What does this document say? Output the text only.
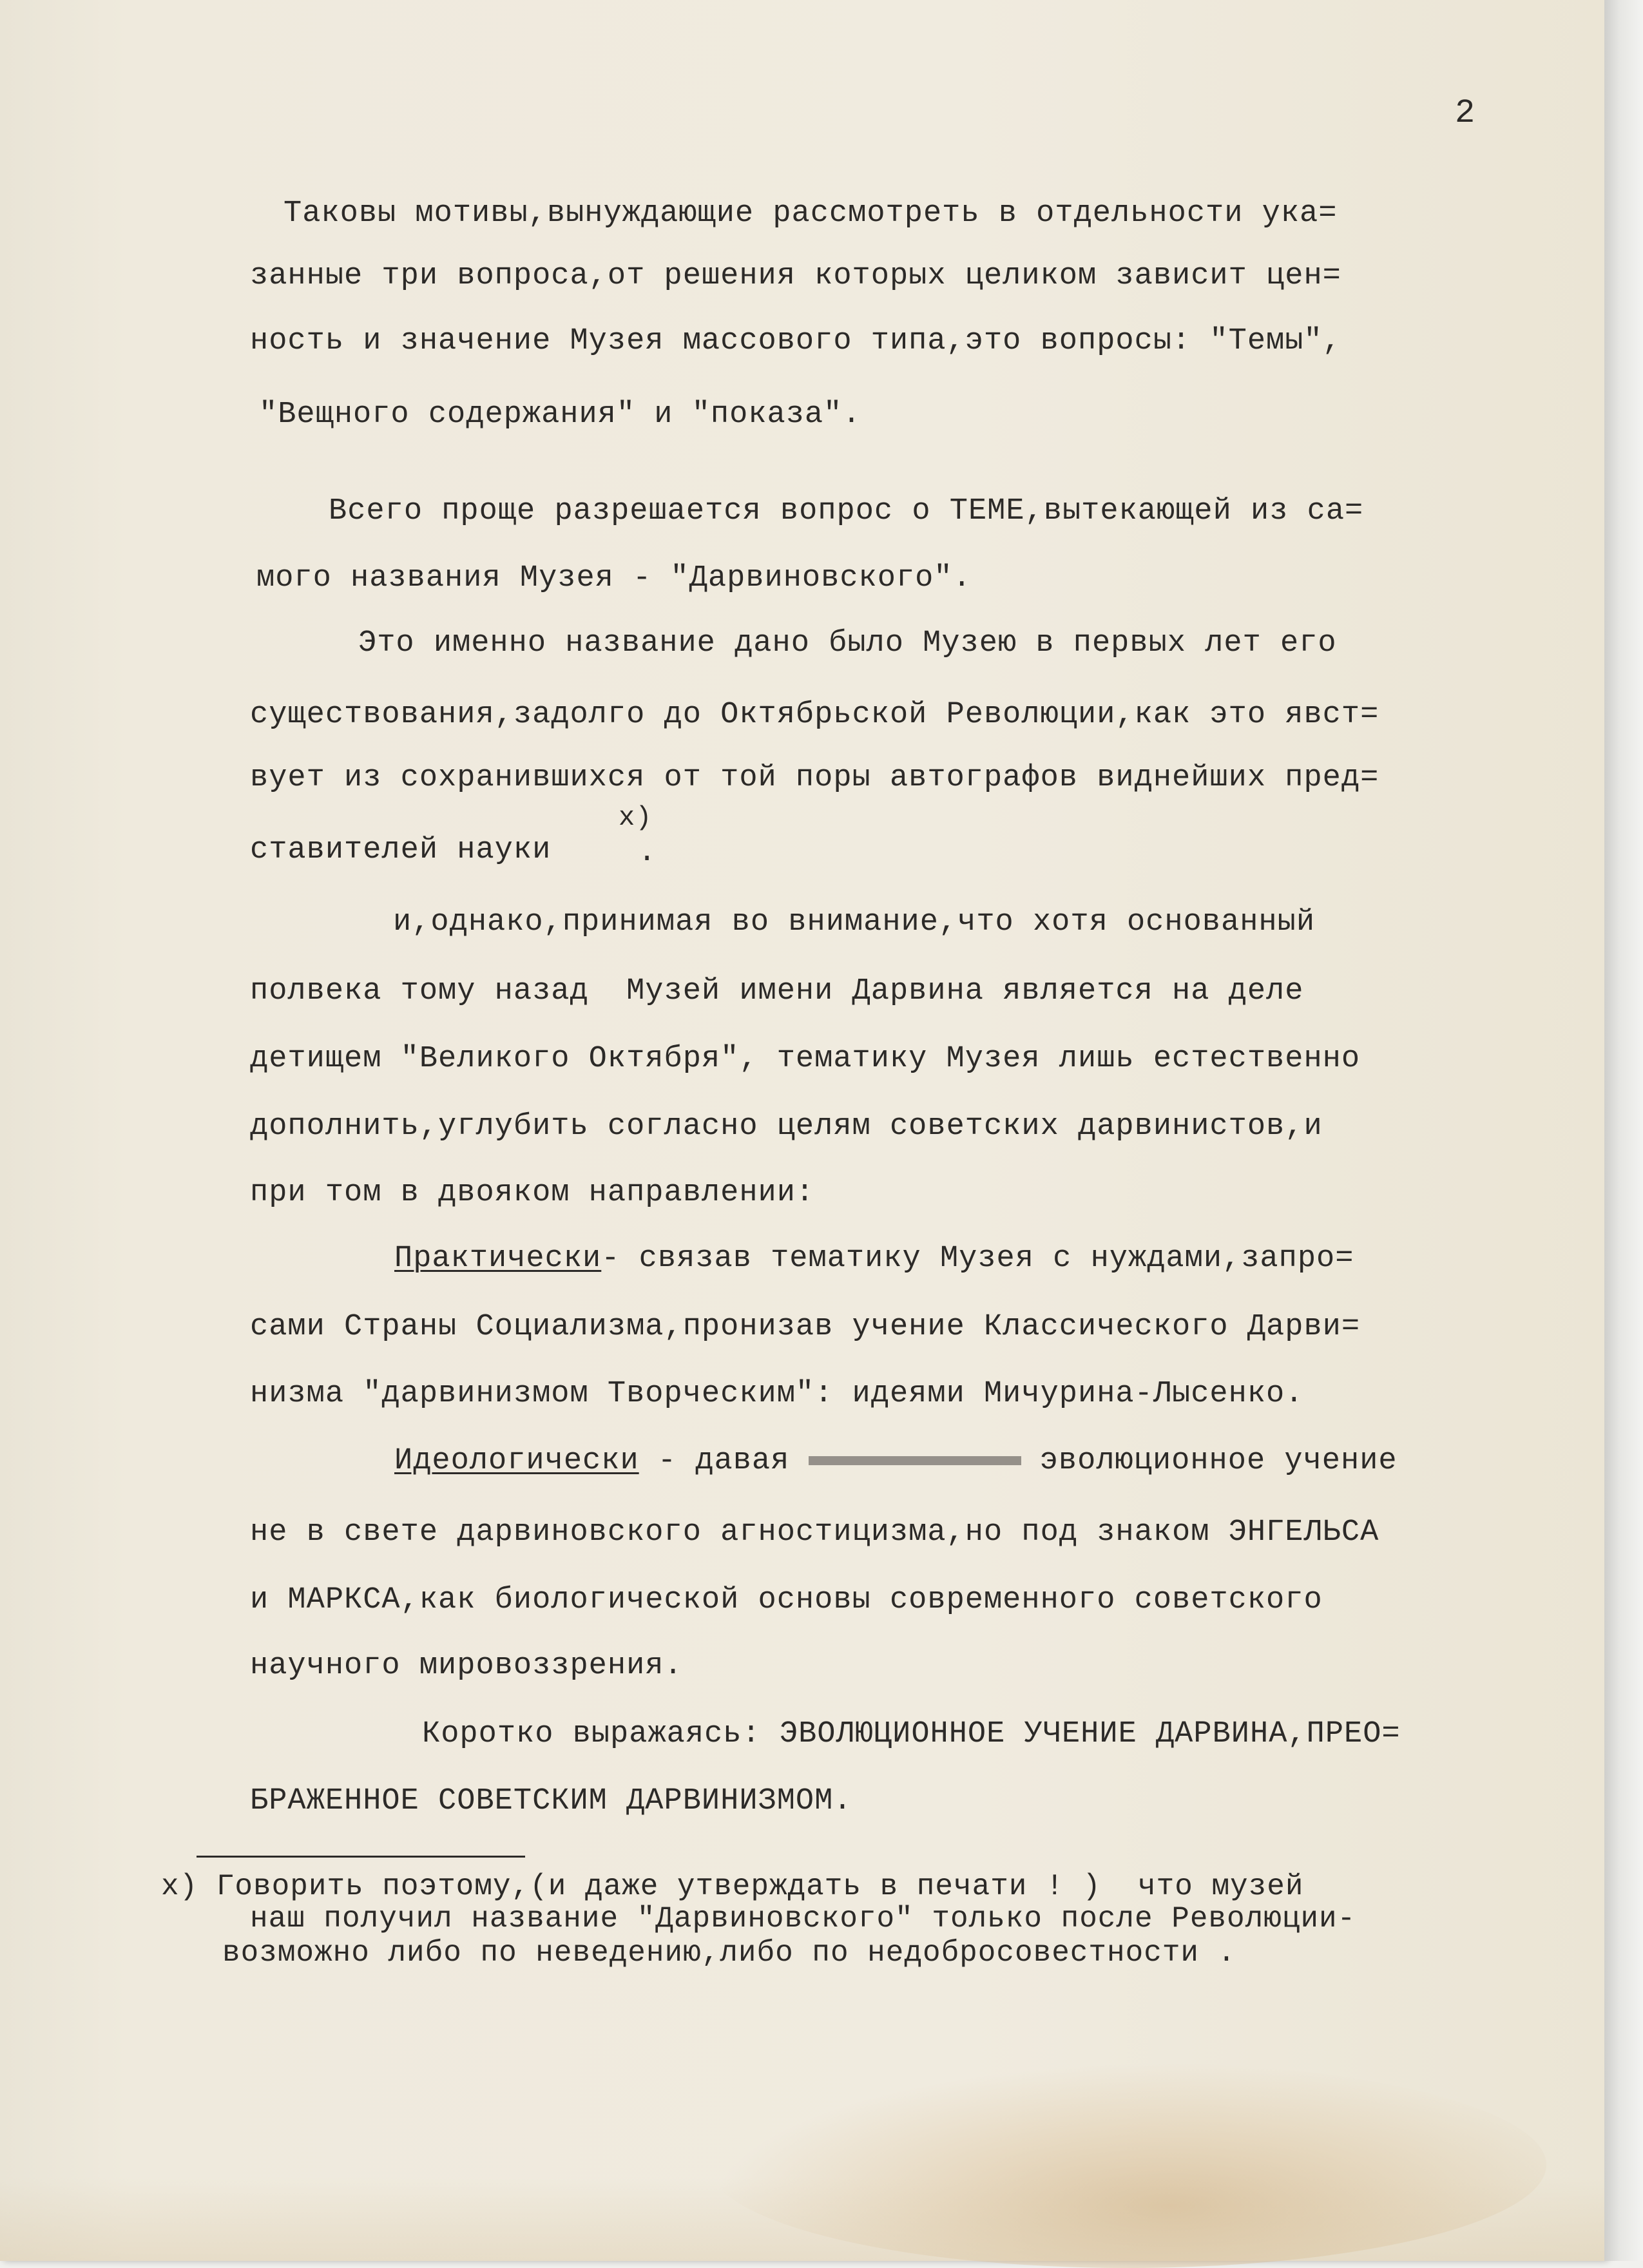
2
Таковы мотивы,вынуждающие рассмотреть в отдельности ука=
занные три вопроса,от решения которых целиком зависит цен=
ность и значение Музея массового типа,это вопросы: "Темы",
"Вещного содержания" и "показа".
Всего проще разрешается вопрос о ТЕМЕ,вытекающей из са=
мого названия Музея - "Дарвиновского".
Это именно название дано было Музею в первых лет его
существования,задолго до Октябрьской Революции,как это явст=
вует из сохранившихся от той поры автографов виднейших пред=
x)
ставителей науки	.
и,однако,принимая во внимание,что хотя основанный
полвека тому назад  Музей имени Дарвина является на деле
детищем "Великого Октября", тематику Музея лишь естественно
дополнить,углубить согласно целям советских дарвинистов,и
при том в двояком направлении:
Практически- связав тематику Музея с нуждами,запро=
сами Страны Социализма,пронизав учение Классического Дарви=
низма "дарвинизмом Творческим": идеями Мичурина-Лысенко.
Идеологически - давая	эволюционное учение
не в свете дарвиновского агностицизма,но под знаком ЭНГЕЛЬСА
и МАРКСА,как биологической основы современного советского
научного мировоззрения.
Коротко выражаясь: ЭВОЛЮЦИОННОЕ УЧЕНИЕ ДАРВИНА,ПРЕО=
БРАЖЕННОЕ СОВЕТСКИМ ДАРВИНИЗМОМ.
x) Говорить поэтому,(и даже утверждать в печати ! )  что музей
наш получил название "Дарвиновского" только после Революции-
возможно либо по неведению,либо по недобросовестности .
